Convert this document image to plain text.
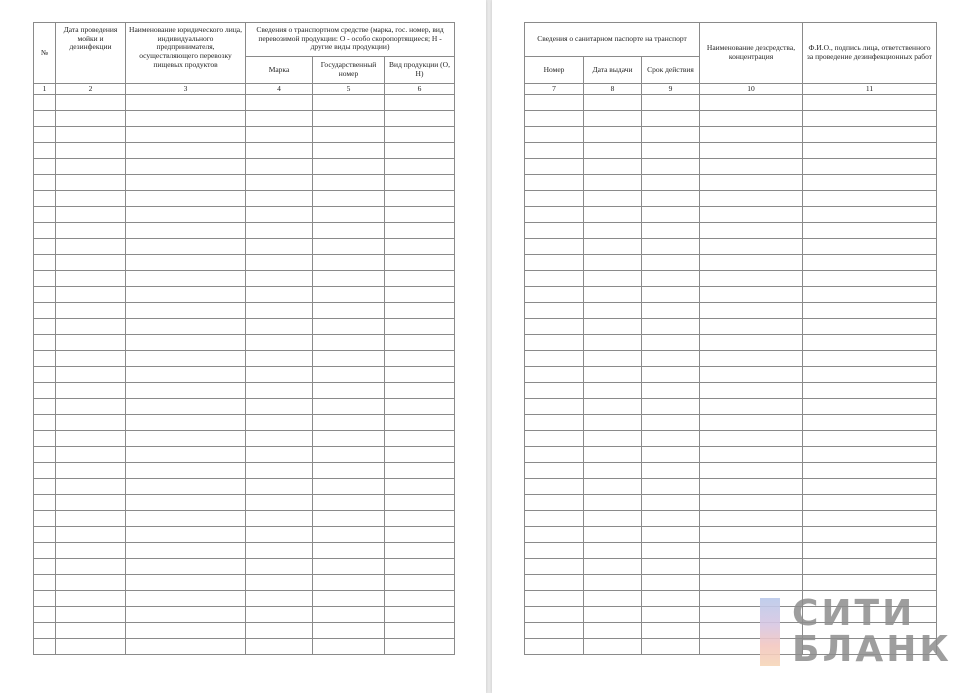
№	Дата проведения мойки и дезинфекции	Наименование юридического лица, индивидуального предпринимателя, осуществляющего перевозку пищевых продуктов	Сведения о транспортном средстве (марка, гос. номер, вид перевозимой продукции: О - особо скоропортящиеся; Н - другие виды продукции)		
			Марка	Государственный номер	Вид продукции (О, Н)
1	2	3	4	5	6

Сведения о санитарном паспорте на транспорт			Наименование дезсредства, концентрация	Ф.И.О., подпись лица, ответственного за проведение дезинфекционных работ
Номер	Дата выдачи	Срок действия		
7	8	9	10	11

СИТИ
БЛАНК
